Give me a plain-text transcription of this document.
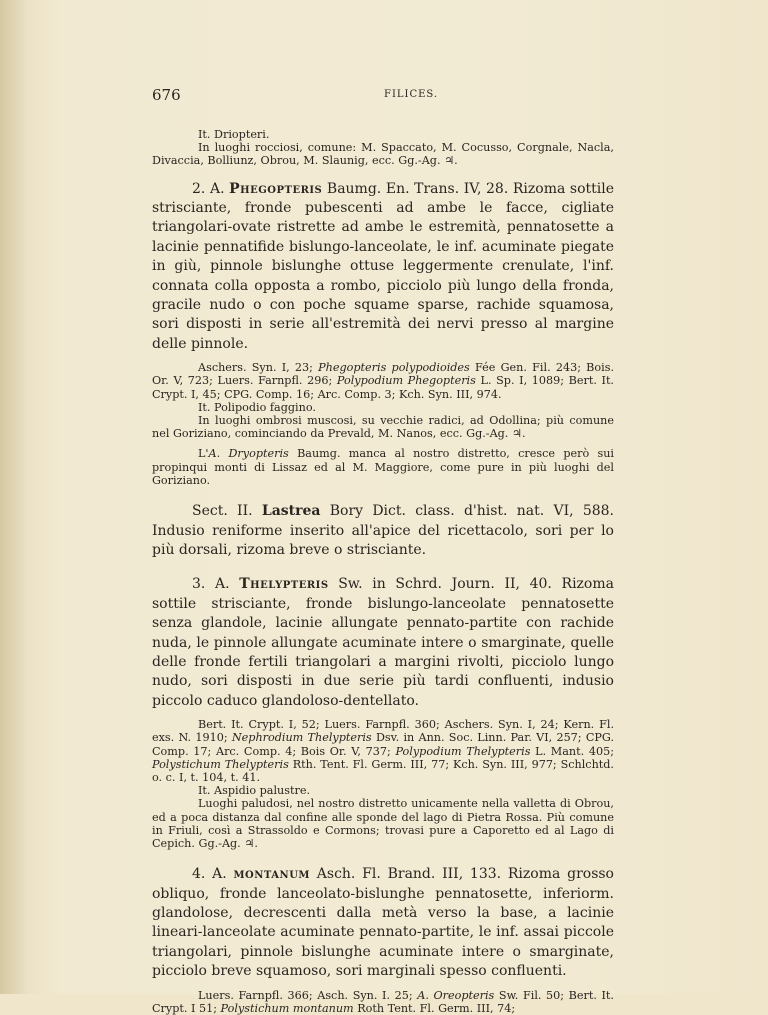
676	FILICES.

It. Driopteri.

In luoghi rocciosi, comune: M. Spaccato, M. Cocusso, Corgnale, Nacla, Divaccia, Bolliunz, Obrou, M. Slaunig, ecc. Gg.-Ag. ♃.

2. A. Phegopteris Baumg. En. Trans. IV, 28. Rizoma sottile strisciante, fronde pubescenti ad ambe le facce, cigliate triangolari-ovate ristrette ad ambe le estremità, pennatosette a lacinie pennatifide bislungo-lanceolate, le inf. acuminate piegate in giù, pinnole bislunghe ottuse leggermente crenulate, l'inf. connata colla opposta a rombo, picciolo più lungo della fronda, gracile nudo o con poche squame sparse, rachide squamosa, sori disposti in serie all'estremità dei nervi presso al margine delle pinnole.

Aschers. Syn. I, 23; Phegopteris polypodioides Fée Gen. Fil. 243; Bois. Or. V, 723; Luers. Farnpfl. 296; Polypodium Phegopteris L. Sp. I, 1089; Bert. It. Crypt. I, 45; CPG. Comp. 16; Arc. Comp. 3; Kch. Syn. III, 974.

It. Polipodio faggino.

In luoghi ombrosi muscosi, su vecchie radici, ad Odollina; più comune nel Goriziano, cominciando da Prevald, M. Nanos, ecc. Gg.-Ag. ♃.

L'A. Dryopteris Baumg. manca al nostro distretto, cresce però sui propinqui monti di Lissaz ed al M. Maggiore, come pure in più luoghi del Goriziano.

Sect. II. Lastrea Bory Dict. class. d'hist. nat. VI, 588. Indusio reniforme inserito all'apice del ricettacolo, sori per lo più dorsali, rizoma breve o strisciante.

3. A. Thelypteris Sw. in Schrd. Journ. II, 40. Rizoma sottile strisciante, fronde bislungo-lanceolate pennatosette senza glandole, lacinie allungate pennato-partite con rachide nuda, le pinnole allungate acuminate intere o smarginate, quelle delle fronde fertili triangolari a margini rivolti, picciolo lungo nudo, sori disposti in due serie più tardi confluenti, indusio piccolo caduco glandoloso-dentellato.

Bert. It. Crypt. I, 52; Luers. Farnpfl. 360; Aschers. Syn. I, 24; Kern. Fl. exs. N. 1910; Nephrodium Thelypteris Dsv. in Ann. Soc. Linn. Par. VI, 257; CPG. Comp. 17; Arc. Comp. 4; Bois Or. V, 737; Polypodium Thelypteris L. Mant. 405; Polystichum Thelypteris Rth. Tent. Fl. Germ. III, 77; Kch. Syn. III, 977; Schlchtd. o. c. I, t. 104, t. 41.

It. Aspidio palustre.

Luoghi paludosi, nel nostro distretto unicamente nella valletta di Obrou, ed a poca distanza dal confine alle sponde del lago di Pietra Rossa. Più comune in Friuli, così a Strassoldo e Cormons; trovasi pure a Caporetto ed al Lago di Cepich. Gg.-Ag. ♃.

4. A. montanum Asch. Fl. Brand. III, 133. Rizoma grosso obliquo, fronde lanceolato-bislunghe pennatosette, inferiorm. glandolose, decrescenti dalla metà verso la base, a lacinie lineari-lanceolate acuminate pennato-partite, le inf. assai piccole triangolari, pinnole bislunghe acuminate intere o smarginate, picciolo breve squamoso, sori marginali spesso confluenti.

Luers. Farnpfl. 366; Asch. Syn. I. 25; A. Oreopteris Sw. Fil. 50; Bert. It. Crypt. I 51; Polystichum montanum Roth Tent. Fl. Germ. III, 74;
